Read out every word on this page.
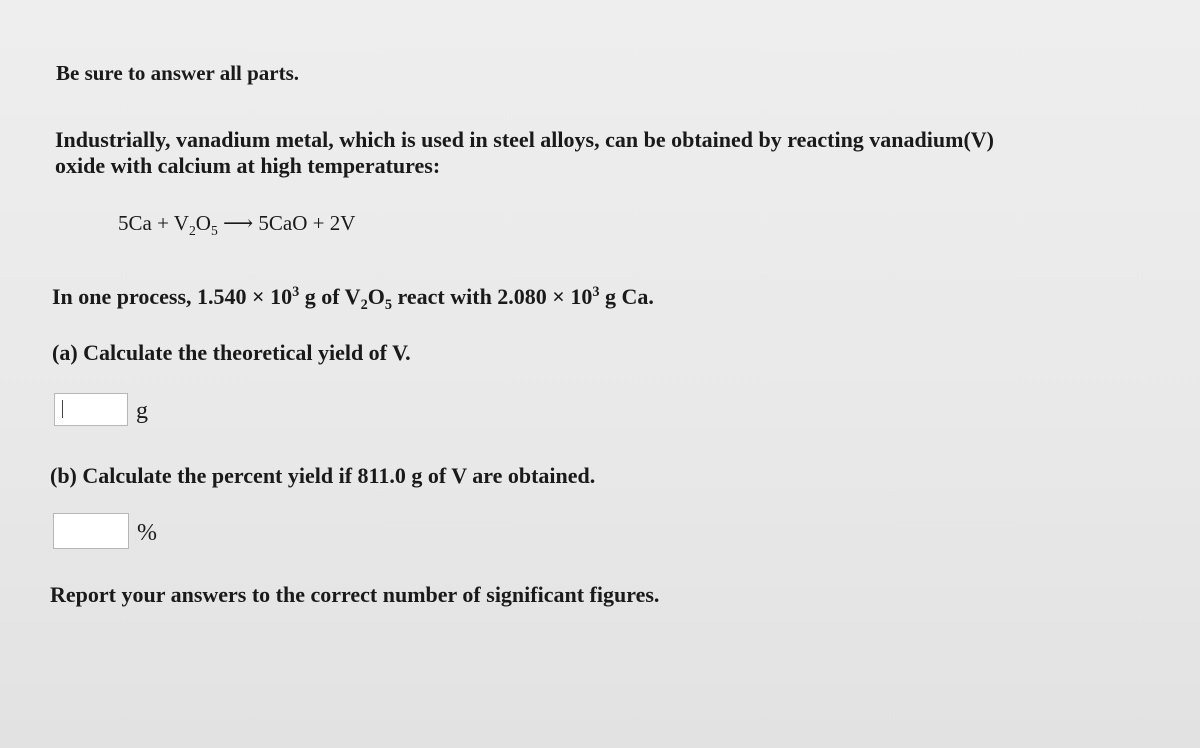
Be sure to answer all parts.
Industrially, vanadium metal, which is used in steel alloys, can be obtained by reacting vanadium(V)
oxide with calcium at high temperatures:
$5Ca + V_2O_5$ ⟶ 5CaO + 2V
In one process, $1.540 \times 10^3$ g of $V_2O_5$ react with $2.080 \times 10^3$ g Ca.
(a) Calculate the theoretical yield of V.
g
(b) Calculate the percent yield if 811.0 g of V are obtained.
%
Report your answers to the correct number of significant figures.
